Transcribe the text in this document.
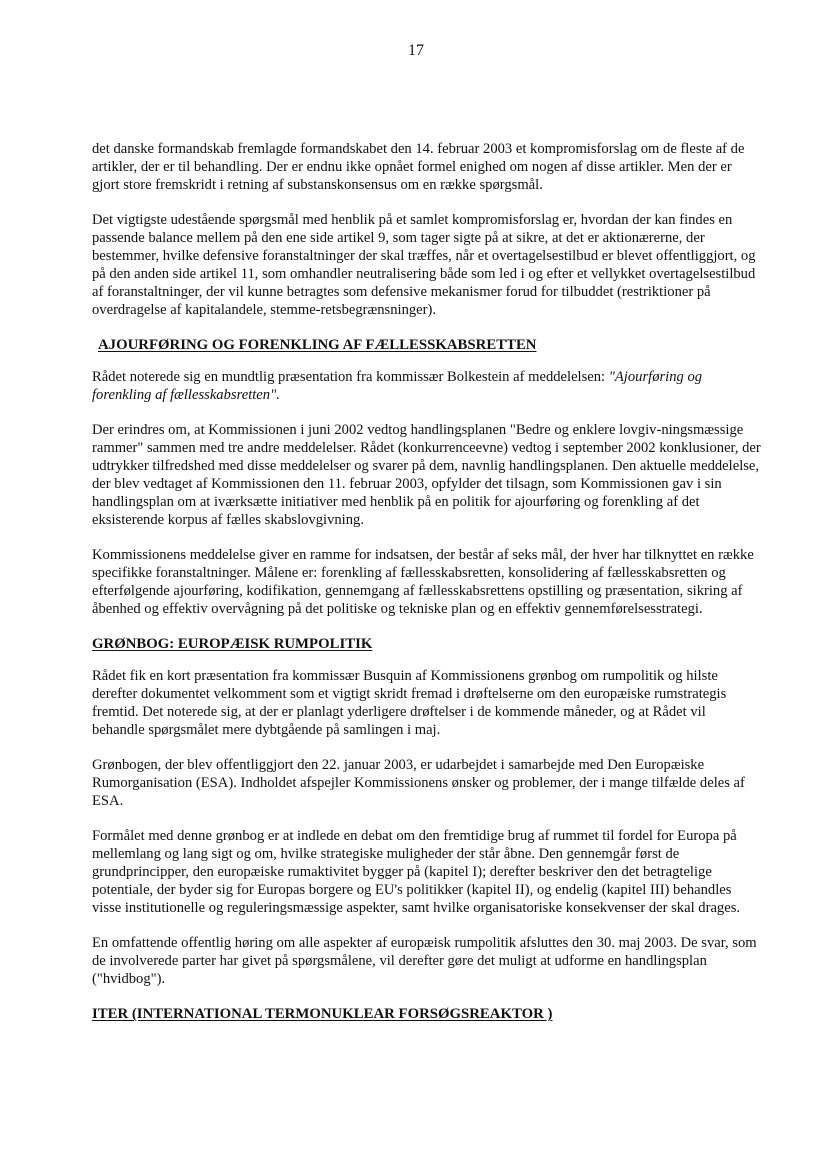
17

det danske formandskab fremlagde formandskabet den 14. februar 2003 et kompromisforslag om de fleste af de artikler, der er til behandling. Der er endnu ikke opnået formel enighed om nogen af disse artikler. Men der er gjort store fremskridt i retning af substanskonsensus om en række spørgsmål.

Det vigtigste udestående spørgsmål med henblik på et samlet kompromisforslag er, hvordan der kan findes en passende balance mellem på den ene side artikel 9, som tager sigte på at sikre, at det er aktionærerne, der bestemmer, hvilke defensive foranstaltninger der skal træffes, når et overtagelsestilbud er blevet offentliggjort, og på den anden side artikel 11, som omhandler neutralisering både som led i og efter et vellykket overtagelsestilbud af foranstaltninger, der vil kunne betragtes som defensive mekanismer forud for tilbuddet (restriktioner på overdragelse af kapitalandele, stemme-retsbegrænsninger).

AJOURFØRING OG FORENKLING AF FÆLLESSKABSRETTEN

Rådet noterede sig en mundtlig præsentation fra kommissær Bolkestein af meddelelsen: "Ajourføring og forenkling af fællesskabsretten".

Der erindres om, at Kommissionen i juni 2002 vedtog handlingsplanen "Bedre og enklere lovgiv-ningsmæssige rammer" sammen med tre andre meddelelser. Rådet (konkurrenceevne) vedtog i september 2002 konklusioner, der udtrykker tilfredshed med disse meddelelser og svarer på dem, navnlig handlingsplanen. Den aktuelle meddelelse, der blev vedtaget af Kommissionen den 11. februar 2003, opfylder det tilsagn, som Kommissionen gav i sin handlingsplan om at iværksætte initiativer med henblik på en politik for ajourføring og forenkling af det eksisterende korpus af fælles skabslovgivning.

Kommissionens meddelelse giver en ramme for indsatsen, der består af seks mål, der hver har tilknyttet en række specifikke foranstaltninger. Målene er: forenkling af fællesskabsretten, konsolidering af fællesskabsretten og efterfølgende ajourføring, kodifikation, gennemgang af fællesskabsrettens opstilling og præsentation, sikring af åbenhed og effektiv overvågning på det politiske og tekniske plan og en effektiv gennemførelsesstrategi.

GRØNBOG: EUROPÆISK RUMPOLITIK

Rådet fik en kort præsentation fra kommissær Busquin af Kommissionens grønbog om rumpolitik og hilste derefter dokumentet velkomment som et vigtigt skridt fremad i drøftelserne om den europæiske rumstrategis fremtid. Det noterede sig, at der er planlagt yderligere drøftelser i de kommende måneder, og at Rådet vil behandle spørgsmålet mere dybtgående på samlingen i maj.

Grønbogen, der blev offentliggjort den 22. januar 2003, er udarbejdet i samarbejde med Den Europæiske Rumorganisation (ESA). Indholdet afspejler Kommissionens ønsker og problemer, der i mange tilfælde deles af ESA.

Formålet med denne grønbog er at indlede en debat om den fremtidige brug af rummet til fordel for Europa på mellemlang og lang sigt og om, hvilke strategiske muligheder der står åbne. Den gennemgår først de grundprincipper, den europæiske rumaktivitet bygger på (kapitel I); derefter beskriver den det betragtelige potentiale, der byder sig for Europas borgere og EU's politikker (kapitel II), og endelig (kapitel III) behandles visse institutionelle og reguleringsmæssige aspekter, samt hvilke organisatoriske konsekvenser der skal drages.

En omfattende offentlig høring om alle aspekter af europæisk rumpolitik afsluttes den 30. maj 2003. De svar, som de involverede parter har givet på spørgsmålene, vil derefter gøre det muligt at udforme en handlingsplan ("hvidbog").

ITER (INTERNATIONAL TERMONUKLEAR FORSØGSREAKTOR )
